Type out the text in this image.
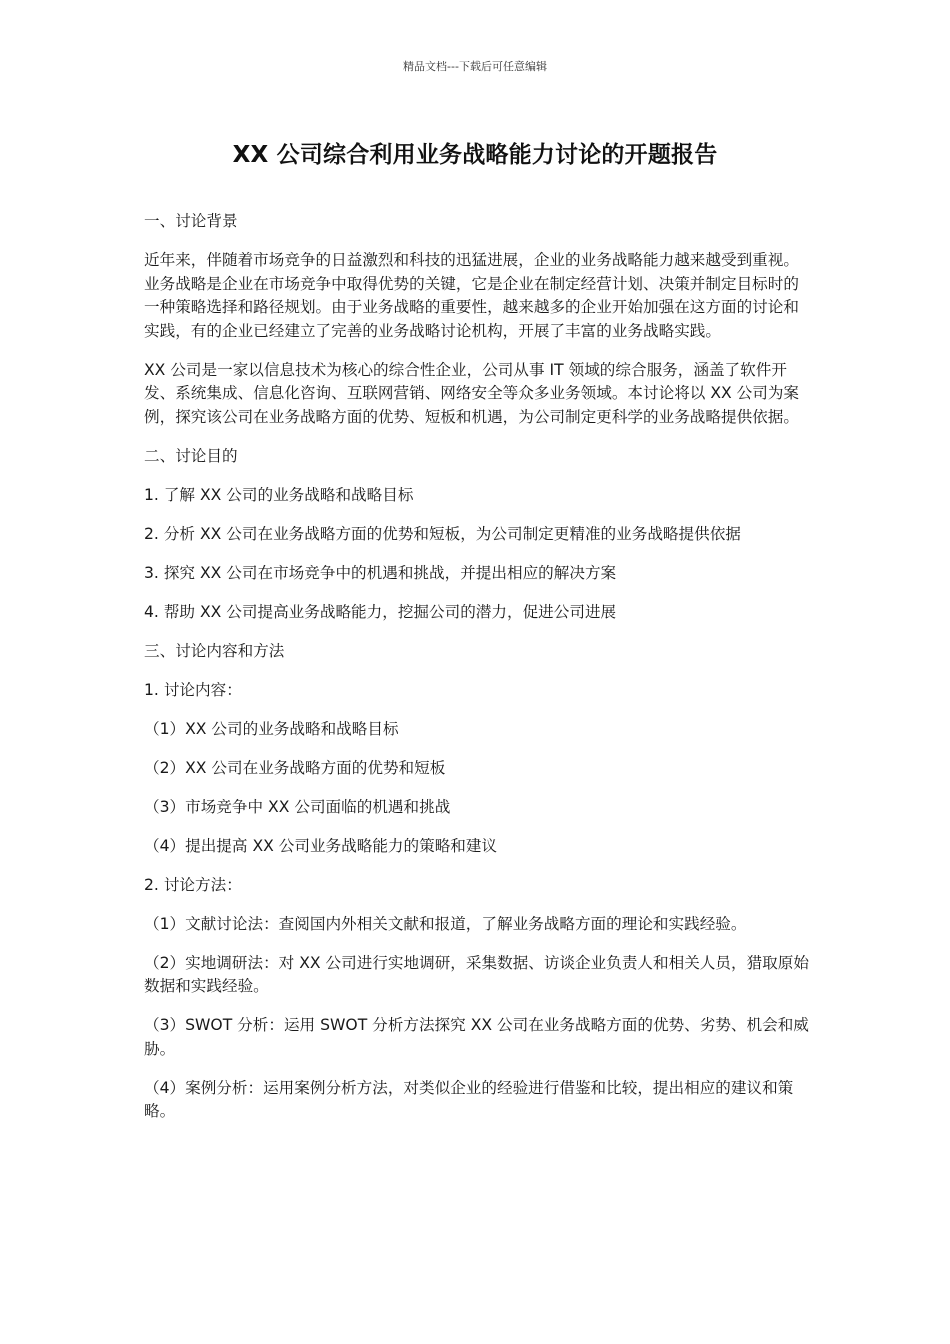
精品文档---下载后可任意编辑
XX 公司综合利用业务战略能力讨论的开题报告

一、讨论背景

近年来，伴随着市场竞争的日益激烈和科技的迅猛进展，企业的业务战略能力越来越受到重视。业务战略是企业在市场竞争中取得优势的关键，它是企业在制定经营计划、决策并制定目标时的一种策略选择和路径规划。由于业务战略的重要性，越来越多的企业开始加强在这方面的讨论和实践，有的企业已经建立了完善的业务战略讨论机构，开展了丰富的业务战略实践。

XX 公司是一家以信息技术为核心的综合性企业，公司从事 IT 领域的综合服务，涵盖了软件开发、系统集成、信息化咨询、互联网营销、网络安全等众多业务领域。本讨论将以 XX 公司为案例，探究该公司在业务战略方面的优势、短板和机遇，为公司制定更科学的业务战略提供依据。

二、讨论目的

1. 了解 XX 公司的业务战略和战略目标

2. 分析 XX 公司在业务战略方面的优势和短板，为公司制定更精准的业务战略提供依据

3. 探究 XX 公司在市场竞争中的机遇和挑战，并提出相应的解决方案

4. 帮助 XX 公司提高业务战略能力，挖掘公司的潜力，促进公司进展

三、讨论内容和方法

1. 讨论内容：

（1）XX 公司的业务战略和战略目标

（2）XX 公司在业务战略方面的优势和短板

（3）市场竞争中 XX 公司面临的机遇和挑战

（4）提出提高 XX 公司业务战略能力的策略和建议

2. 讨论方法：

（1）文献讨论法：查阅国内外相关文献和报道，了解业务战略方面的理论和实践经验。

（2）实地调研法：对 XX 公司进行实地调研，采集数据、访谈企业负责人和相关人员，猎取原始数据和实践经验。

（3）SWOT 分析：运用 SWOT 分析方法探究 XX 公司在业务战略方面的优势、劣势、机会和威胁。

（4）案例分析：运用案例分析方法，对类似企业的经验进行借鉴和比较，提出相应的建议和策略。
